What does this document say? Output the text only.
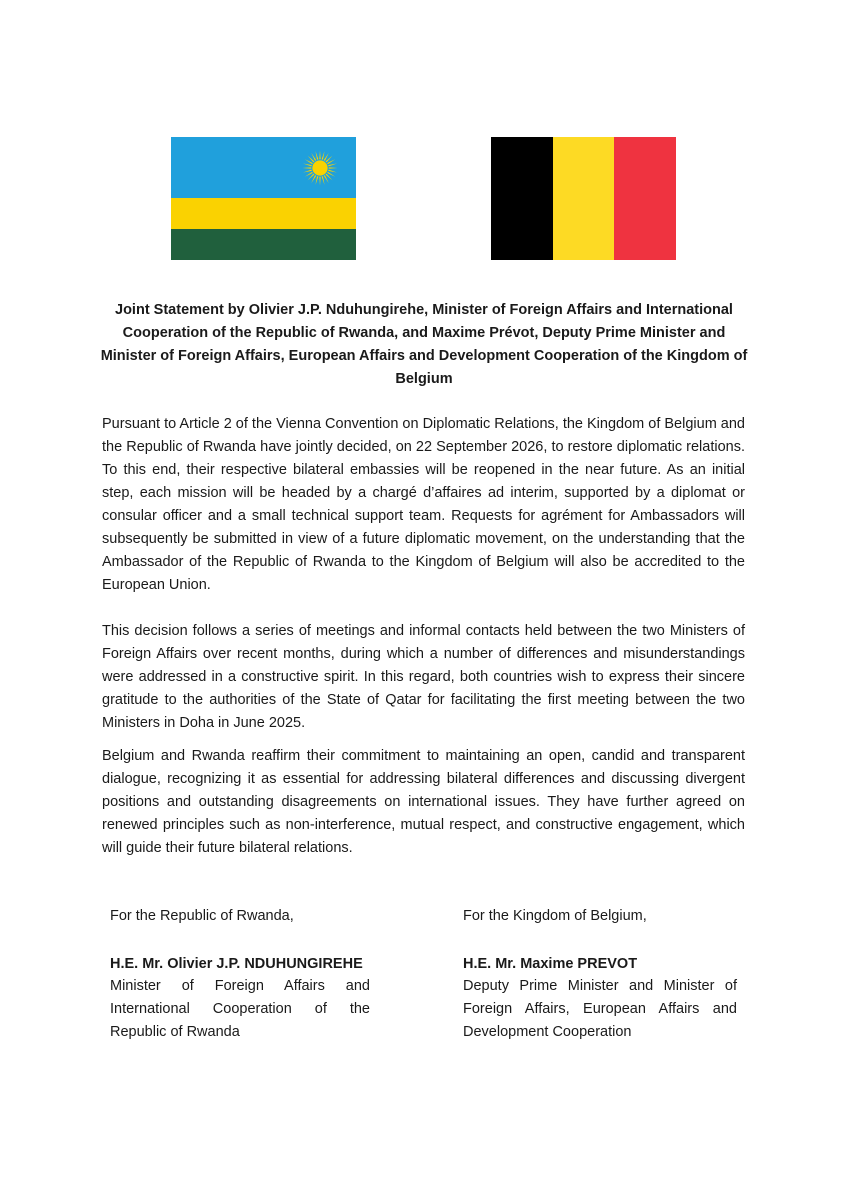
Joint Statement by Olivier J.P. Nduhungirehe, Minister of Foreign Affairs and International Cooperation of the Republic of Rwanda, and Maxime Prévot, Deputy Prime Minister and Minister of Foreign Affairs, European Affairs and Development Cooperation of the Kingdom of Belgium

Pursuant to Article 2 of the Vienna Convention on Diplomatic Relations, the Kingdom of Belgium and the Republic of Rwanda have jointly decided, on 22 September 2026, to restore diplomatic relations. To this end, their respective bilateral embassies will be reopened in the near future. As an initial step, each mission will be headed by a chargé d’affaires ad interim, supported by a diplomat or consular officer and a small technical support team. Requests for agrément for Ambassadors will subsequently be submitted in view of a future diplomatic movement, on the understanding that the Ambassador of the Republic of Rwanda to the Kingdom of Belgium will also be accredited to the European Union.

This decision follows a series of meetings and informal contacts held between the two Ministers of Foreign Affairs over recent months, during which a number of differences and misunderstandings were addressed in a constructive spirit. In this regard, both countries wish to express their sincere gratitude to the authorities of the State of Qatar for facilitating the first meeting between the two Ministers in Doha in June 2025.

Belgium and Rwanda reaffirm their commitment to maintaining an open, candid and transparent dialogue, recognizing it as essential for addressing bilateral differences and discussing divergent positions and outstanding disagreements on international issues. They have further agreed on renewed principles such as non-interference, mutual respect, and constructive engagement, which will guide their future bilateral relations.

For the Republic of Rwanda,

H.E. Mr. Olivier J.P. NDUHUNGIREHE

Minister of Foreign Affairs and International Cooperation of the Republic of Rwanda

For the Kingdom of Belgium,

H.E. Mr. Maxime PREVOT

Deputy Prime Minister and Minister of Foreign Affairs, European Affairs and Development Cooperation
